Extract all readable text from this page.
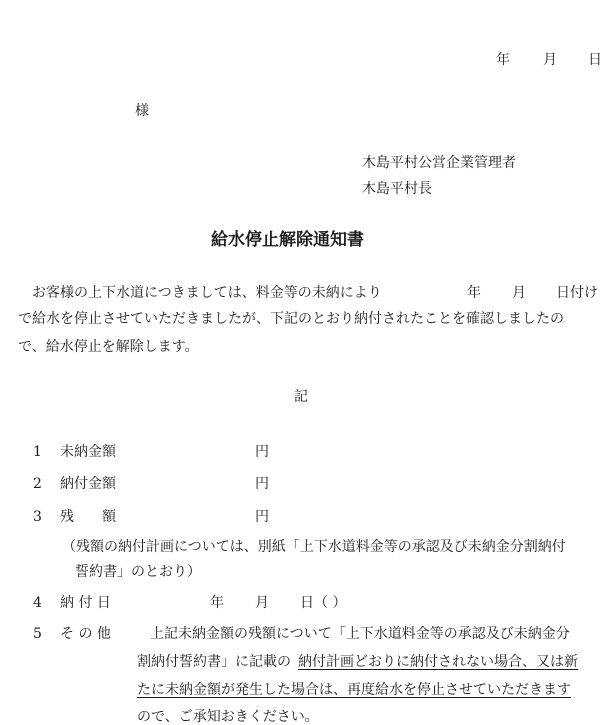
年 月 日
様
木島平村公営企業管理者
木島平村長
給水停止解除通知書
お客様の上下水道につきましては、料金等の未納により	年 月 日付け
で給水を停止させていただきましたが、下記のとおり納付されたことを確認しましたの
で、給水停止を解除します。
記
1 未納金額	円
2 納付金額	円
3 残　　額	円
（残額の納付計画については、別紙「上下水道料金等の承認及び未納金分割納付
誓約書」のとおり）
4 納 付 日	年 月 日（ ）
5 そ の 他	上記未納金額の残額について「上下水道料金等の承認及び未納金分
割納付誓約書」に記載の 納付計画どおりに納付されない場合、又は新
たに未納金額が発生した場合は、再度給水を停止させていただきます
ので、ご承知おきください。
